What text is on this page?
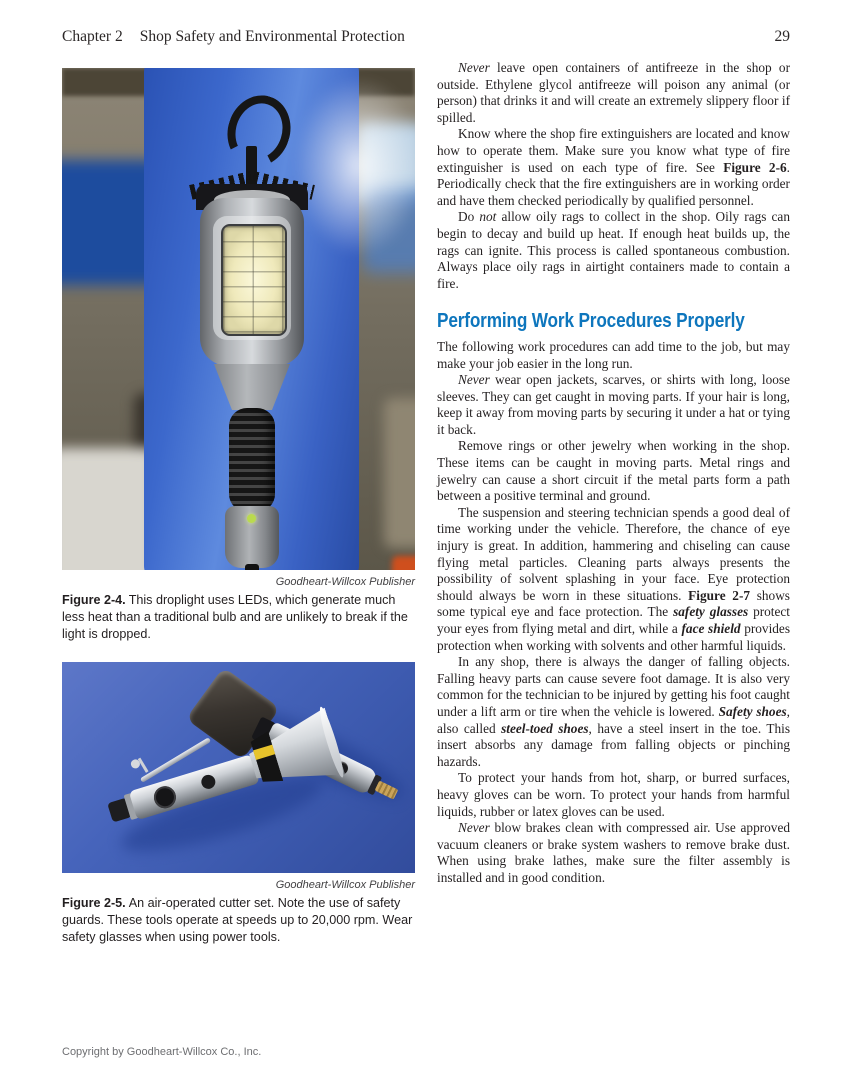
Chapter 2 Shop Safety and Environmental Protection	29
Goodheart-Willcox Publisher

Figure 2-4. This droplight uses LEDs, which generate much less heat than a traditional bulb and are unlikely to break if the light is dropped.

Goodheart-Willcox Publisher

Figure 2-5. An air-operated cutter set. Note the use of safety guards. These tools operate at speeds up to 20,000 rpm. Wear safety glasses when using power tools.

Never leave open containers of antifreeze in the shop or outside. Ethylene glycol antifreeze will poison any animal (or person) that drinks it and will create an extremely slippery floor if spilled.

Know where the shop fire extinguishers are located and know how to operate them. Make sure you know what type of fire extinguisher is used on each type of fire. See Figure 2-6. Periodically check that the fire extinguishers are in working order and have them checked periodically by qualified personnel.

Do not allow oily rags to collect in the shop. Oily rags can begin to decay and build up heat. If enough heat builds up, the rags can ignite. This process is called spontaneous combustion. Always place oily rags in airtight containers made to contain a fire.

Performing Work Procedures Properly

The following work procedures can add time to the job, but may make your job easier in the long run.

Never wear open jackets, scarves, or shirts with long, loose sleeves. They can get caught in moving parts. If your hair is long, keep it away from moving parts by securing it under a hat or tying it back.

Remove rings or other jewelry when working in the shop. These items can be caught in moving parts. Metal rings and jewelry can cause a short circuit if the metal parts form a path between a positive terminal and ground.

The suspension and steering technician spends a good deal of time working under the vehicle. Therefore, the chance of eye injury is great. In addition, hammering and chiseling can cause flying metal particles. Cleaning parts always presents the possibility of solvent splashing in your face. Eye protection should always be worn in these situations. Figure 2-7 shows some typical eye and face protection. The safety glasses protect your eyes from flying metal and dirt, while a face shield provides protection when working with solvents and other harmful liquids.

In any shop, there is always the danger of falling objects. Falling heavy parts can cause severe foot damage. It is also very common for the technician to be injured by getting his foot caught under a lift arm or tire when the vehicle is lowered. Safety shoes, also called steel-toed shoes, have a steel insert in the toe. This insert absorbs any damage from falling objects or pinching hazards.

To protect your hands from hot, sharp, or burred surfaces, heavy gloves can be worn. To protect your hands from harmful liquids, rubber or latex gloves can be used.

Never blow brakes clean with compressed air. Use approved vacuum cleaners or brake system washers to remove brake dust. When using brake lathes, make sure the filter assembly is installed and in good condition.

Copyright by Goodheart-Willcox Co., Inc.
